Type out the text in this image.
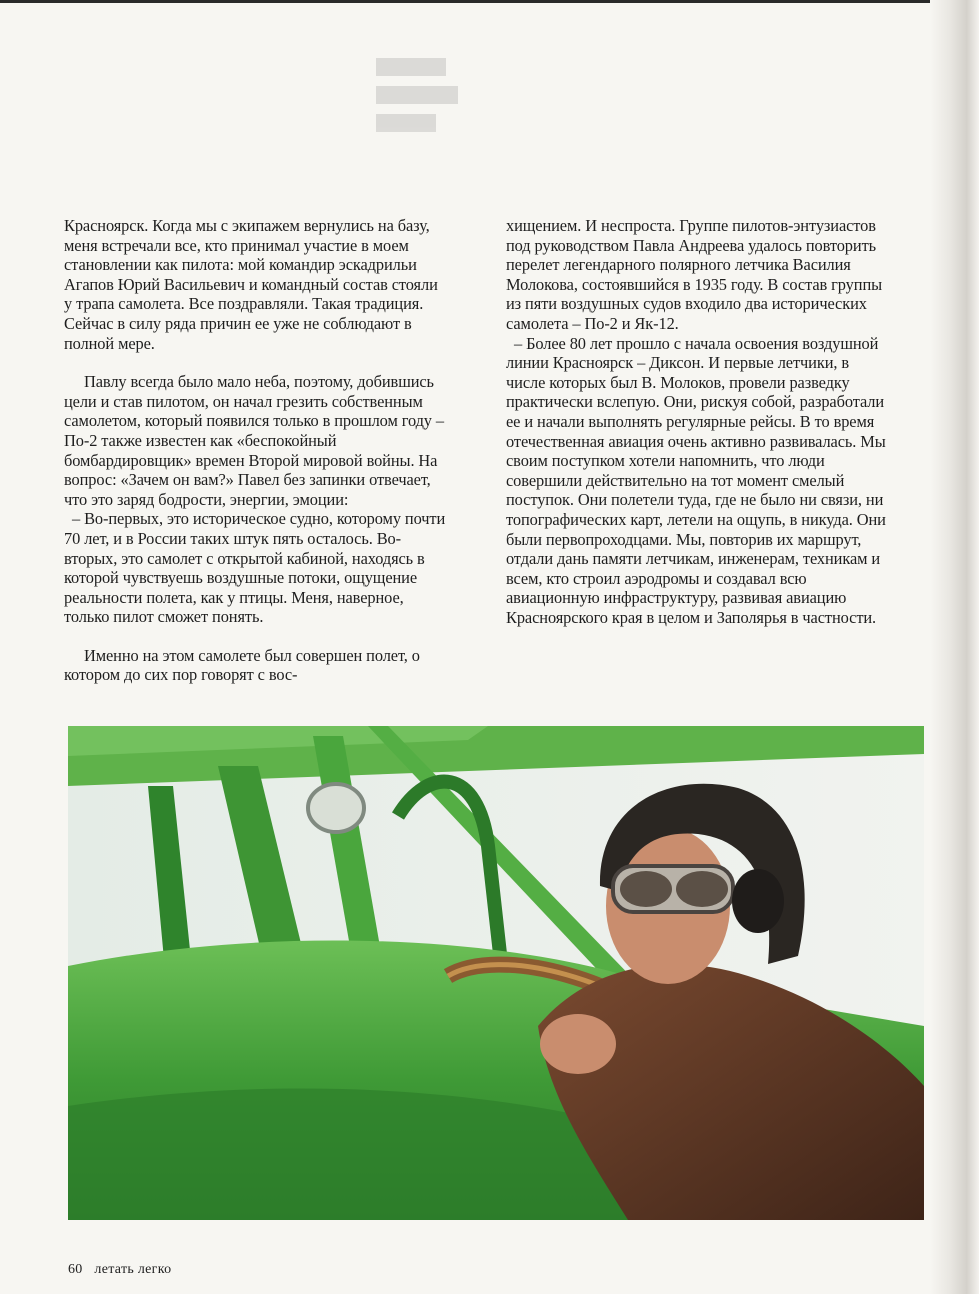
Красноярск. Когда мы с экипажем вернулись на базу, меня встречали все, кто принимал участие в моем становлении как пилота: мой командир эскадрильи Агапов Юрий Васильевич и командный состав стояли у трапа самолета. Все поздравляли. Такая традиция. Сейчас в силу ряда причин ее уже не соблюдают в полной мере.

Павлу всегда было мало неба, поэтому, добившись цели и став пилотом, он начал грезить собственным самолетом, который появился только в прошлом году – По-2 также известен как «беспокойный бомбардировщик» времен Второй мировой войны. На вопрос: «Зачем он вам?» Павел без запинки отвечает, что это заряд бодрости, энергии, эмоции:

– Во-первых, это историческое судно, которому почти 70 лет, и в России таких штук пять осталось. Во-вторых, это самолет с открытой кабиной, находясь в которой чувствуешь воздушные потоки, ощущение реальности полета, как у птицы. Меня, наверное, только пилот сможет понять.

Именно на этом самолете был совершен полет, о котором до сих пор говорят с вос-

хищением. И неспроста. Группе пилотов-энтузиастов под руководством Павла Андреева удалось повторить перелет легендарного полярного летчика Василия Молокова, состоявшийся в 1935 году. В состав группы из пяти воздушных судов входило два исторических самолета – По-2 и Як-12.

– Более 80 лет прошло с начала освоения воздушной линии Красноярск – Диксон. И первые летчики, в числе которых был В. Молоков, провели разведку практически вслепую. Они, рискуя собой, разработали ее и начали выполнять регулярные рейсы. В то время отечественная авиация очень активно развивалась. Мы своим поступком хотели напомнить, что люди совершили действительно на тот момент смелый поступок. Они полетели туда, где не было ни связи, ни топографических карт, летели на ощупь, в никуда. Они были первопроходцами. Мы, повторив их маршрут, отдали дань памяти летчикам, инженерам, техникам и всем, кто строил аэродромы и создавал всю авиационную инфраструктуру, развивая авиацию Красноярского края в целом и Заполярья в частности.

60 летать легко
